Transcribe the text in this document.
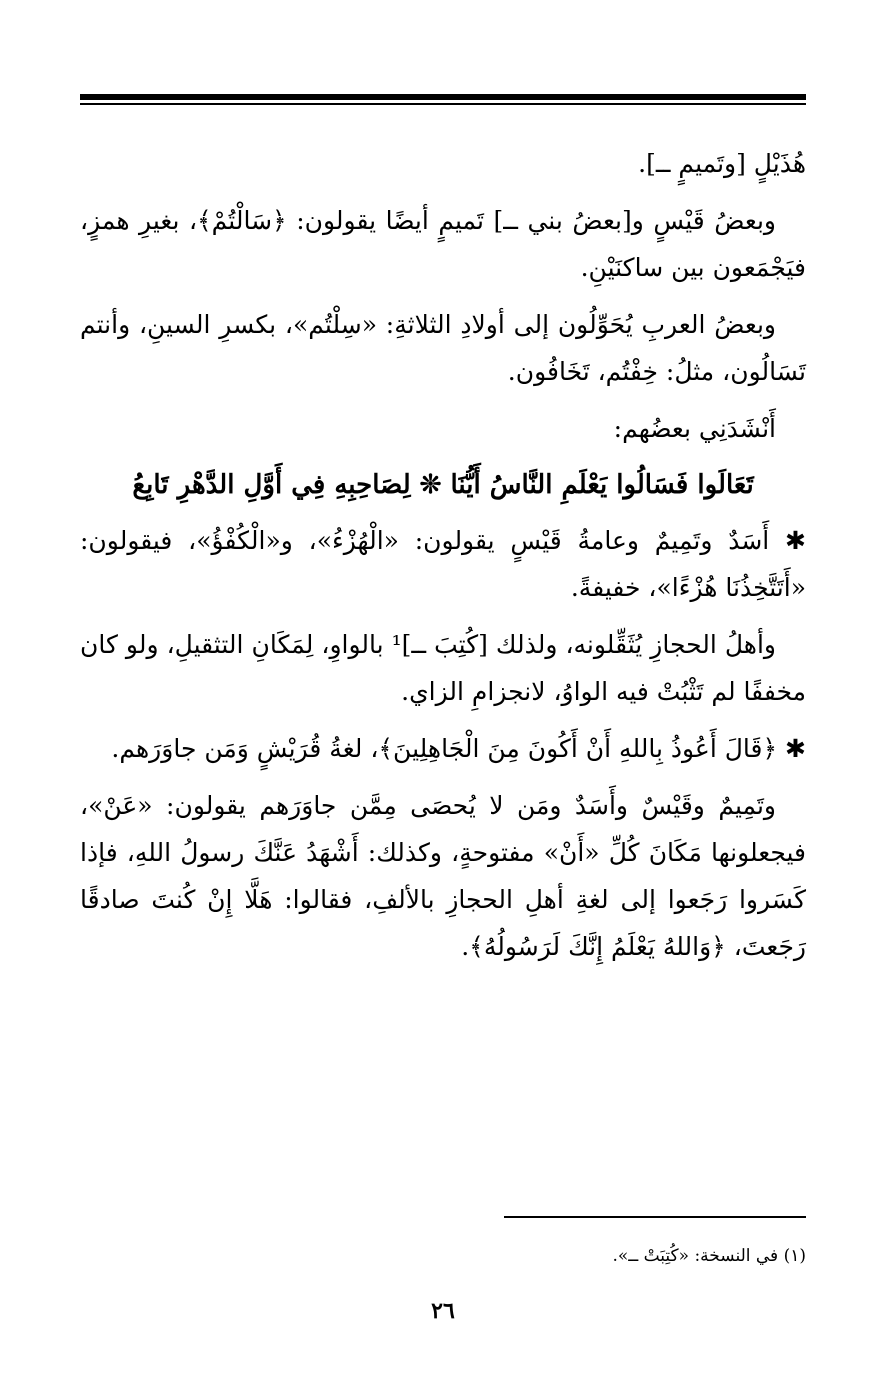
هُذَيْلٍ [وتَميمٍ ‍ــ].

وبعضُ قَيْسٍ و[بعضُ بني ‍ــ] تَميمٍ أيضًا يقولون: ﴿سَالْتُمْ﴾، بغيرِ همزٍ، فيَجْمَعون بين ساكنَيْنِ.

وبعضُ العربِ يُحَوِّلُون إلى أولادِ الثلاثةِ: «سِلْتُم»، بكسرِ السينِ، وأنتم تَسَالُون، مثلُ: خِفْتُم، تَخَافُون.

أَنْشَدَنِي بعضُهم:

تَعَالَوا فَسَالُوا يَعْلَمِ النَّاسُ أَيُّنَا ❊ لِصَاحِبِهِ فِي أَوَّلِ الدَّهْرِ تَابِعُ

✱ أَسَدٌ وتَمِيمٌ وعامةُ قَيْسٍ يقولون: «الْهُزْءُ»، و«الْكُفْؤُ»، فيقولون: «أَتَتَّخِذُنَا هُزْءًا»، خفيفةً.

وأهلُ الحجازِ يُثَقِّلونه، ولذلك [كُتِبَ ‍ــ]¹ بالواوِ، لِمَكَانِ التثقيلِ، ولو كان مخففًا لم تَثْبُتْ فيه الواوُ، لانجزامِ الزاي.

✱ ﴿قَالَ أَعُوذُ بِاللهِ أَنْ أَكُونَ مِنَ الْجَاهِلِينَ﴾، لغةُ قُرَيْشٍ وَمَن جاوَرَهم.

وتَمِيمٌ وقَيْسٌ وأَسَدٌ ومَن لا يُحصَى مِمَّن جاوَرَهم يقولون: «عَنْ»، فيجعلونها مَكَانَ كُلِّ «أَنْ» مفتوحةٍ، وكذلك: أَشْهَدُ عَنَّكَ رسولُ اللهِ، فإذا كَسَروا رَجَعوا إلى لغةِ أهلِ الحجازِ بالألفِ، فقالوا: هَلَّا إِنْ كُنتَ صادقًا رَجَعتَ، ﴿وَاللهُ يَعْلَمُ إِنَّكَ لَرَسُولُهُ﴾.

(١) في النسخة: «كُتِبَتْ ‍ــ».
٢٦
